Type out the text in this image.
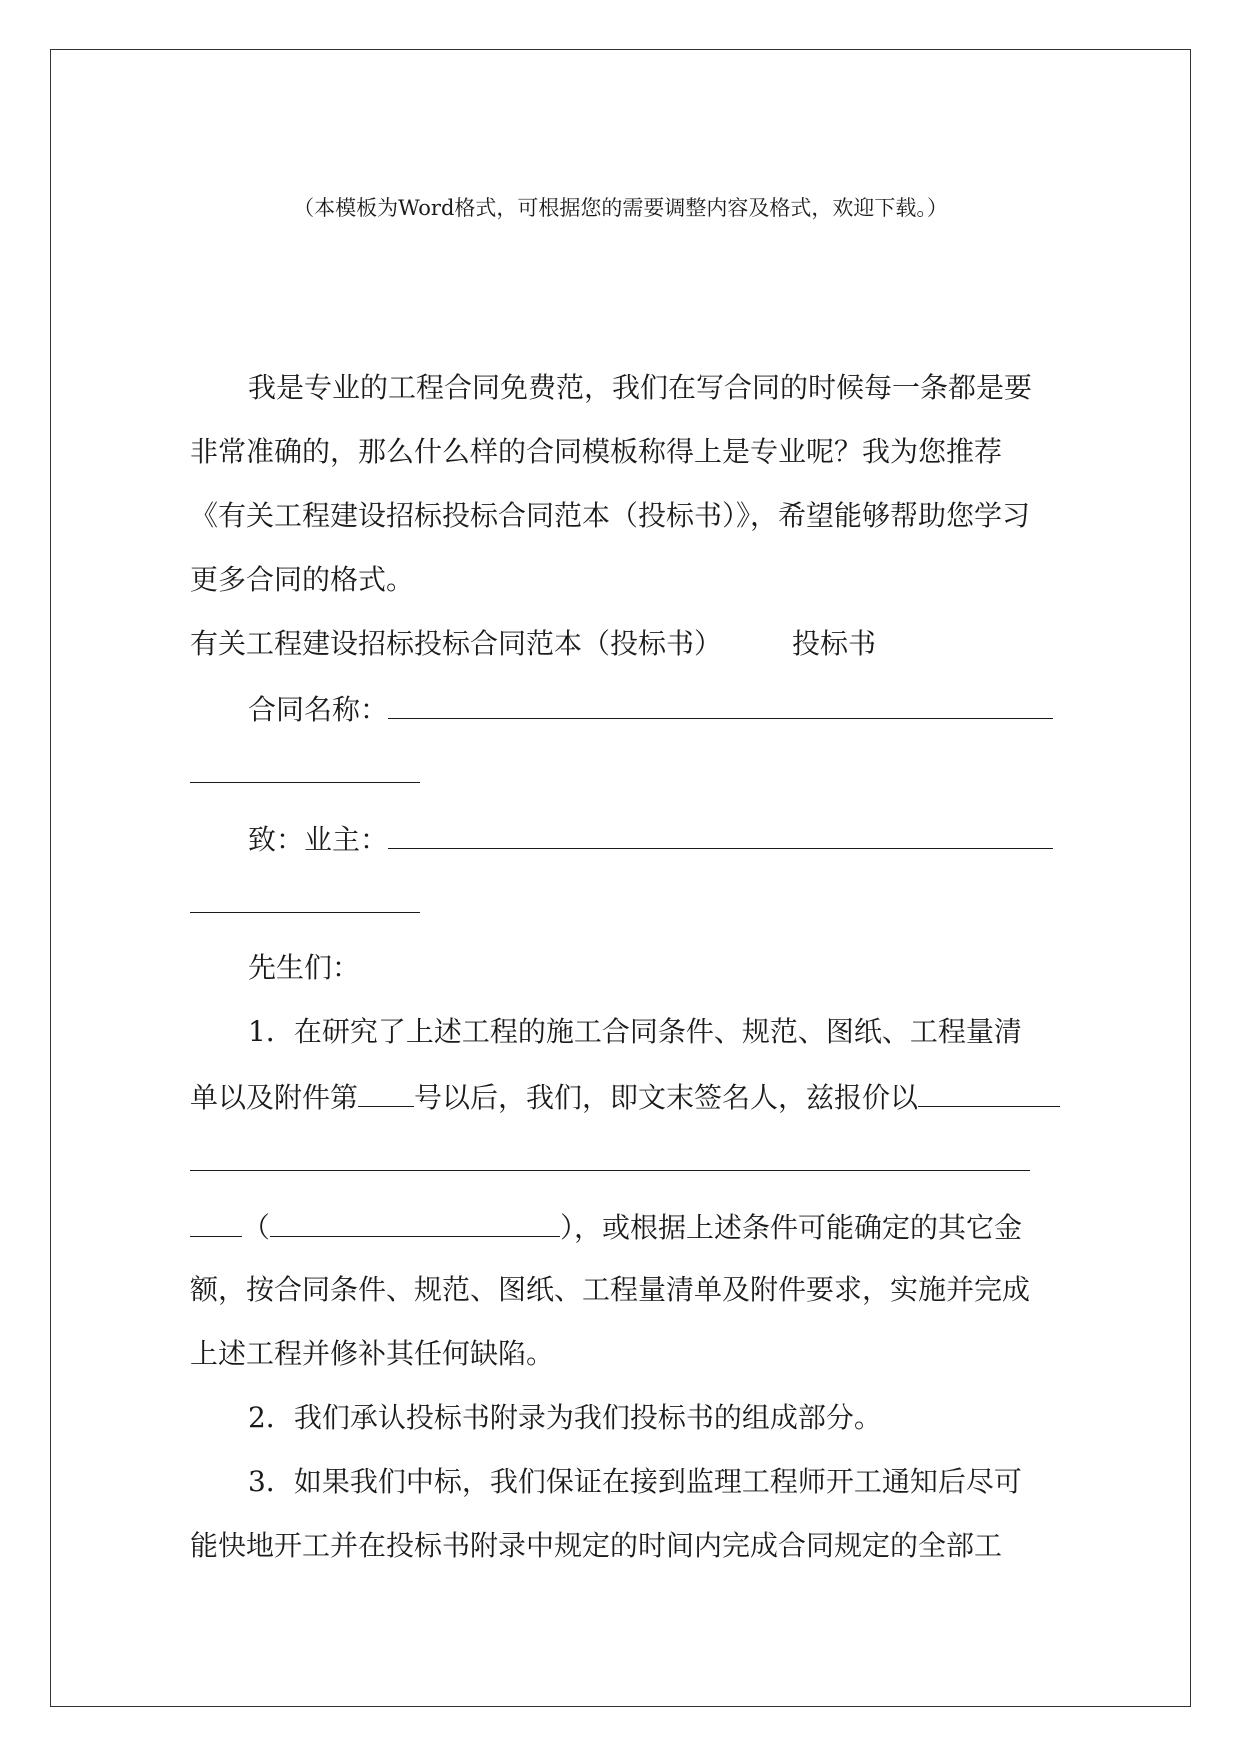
（本模板为Word格式，可根据您的需要调整内容及格式，欢迎下载。）
我是专业的工程合同免费范，我们在写合同的时候每一条都是要
非常准确的，那么什么样的合同模板称得上是专业呢？我为您推荐
《有关工程建设招标投标合同范本（投标书）》，希望能够帮助您学习
更多合同的格式。
有关工程建设招标投标合同范本（投标书）	投标书
合同名称：
致：业主：
先生们：
1．在研究了上述工程的施工合同条件、规范、图纸、工程量清
单以及附件第 号以后，我们，即文末签名人，兹报价以
（	），或根据上述条件可能确定的其它金
额，按合同条件、规范、图纸、工程量清单及附件要求，实施并完成
上述工程并修补其任何缺陷。
2．我们承认投标书附录为我们投标书的组成部分。
3．如果我们中标，我们保证在接到监理工程师开工通知后尽可
能快地开工并在投标书附录中规定的时间内完成合同规定的全部工
